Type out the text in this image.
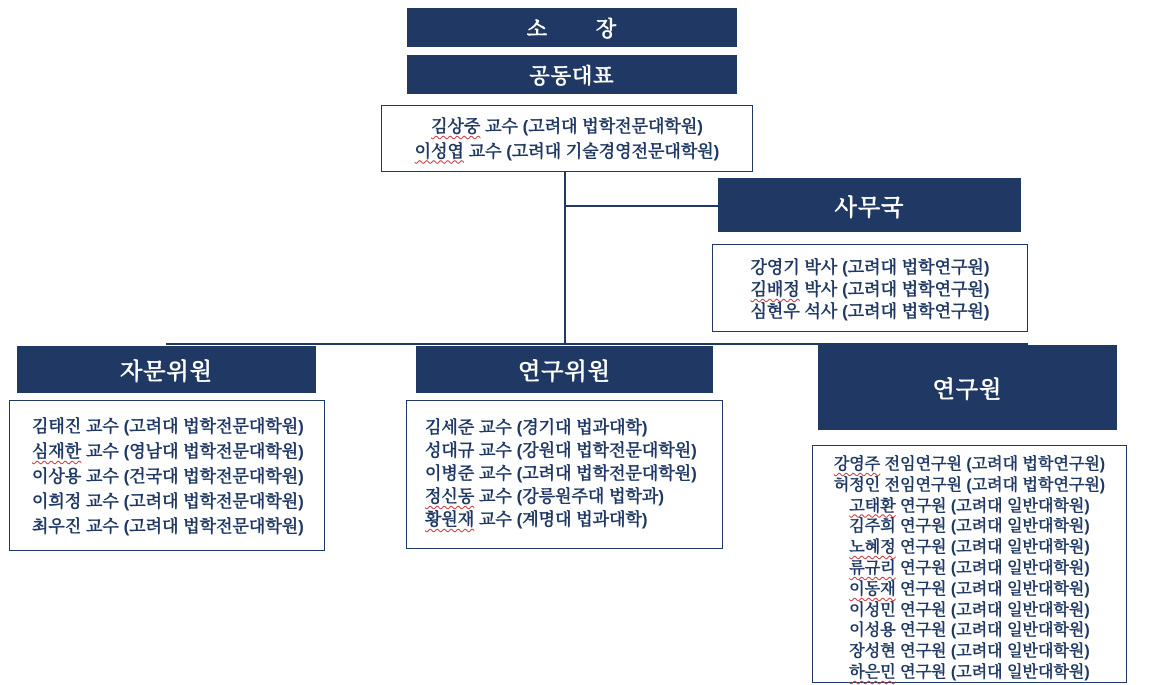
소       장
공동대표
김상중 교수 (고려대 법학전문대학원)
이성엽 교수 (고려대 기술경영전문대학원)
사무국
강영기 박사 (고려대 법학연구원)
김배정 박사 (고려대 법학연구원)
심현우 석사 (고려대 법학연구원)
자문위원
김태진 교수 (고려대 법학전문대학원)
심재한 교수 (영남대 법학전문대학원)
이상용 교수 (건국대 법학전문대학원)
이희정 교수 (고려대 법학전문대학원)
최우진 교수 (고려대 법학전문대학원)
연구위원
김세준 교수 (경기대 법과대학)
성대규 교수 (강원대 법학전문대학원)
이병준 교수 (고려대 법학전문대학원)
정신동 교수 (강릉원주대 법학과)
황원재 교수 (계명대 법과대학)
연구원
강영주 전임연구원 (고려대 법학연구원)
허정인 전임연구원 (고려대 법학연구원)
고태환 연구원 (고려대 일반대학원)
김주희 연구원 (고려대 일반대학원)
노혜정 연구원 (고려대 일반대학원)
류규리 연구원 (고려대 일반대학원)
이동재 연구원 (고려대 일반대학원)
이성민 연구원 (고려대 일반대학원)
이성용 연구원 (고려대 일반대학원)
장성현 연구원 (고려대 일반대학원)
하은민 연구원 (고려대 일반대학원)
